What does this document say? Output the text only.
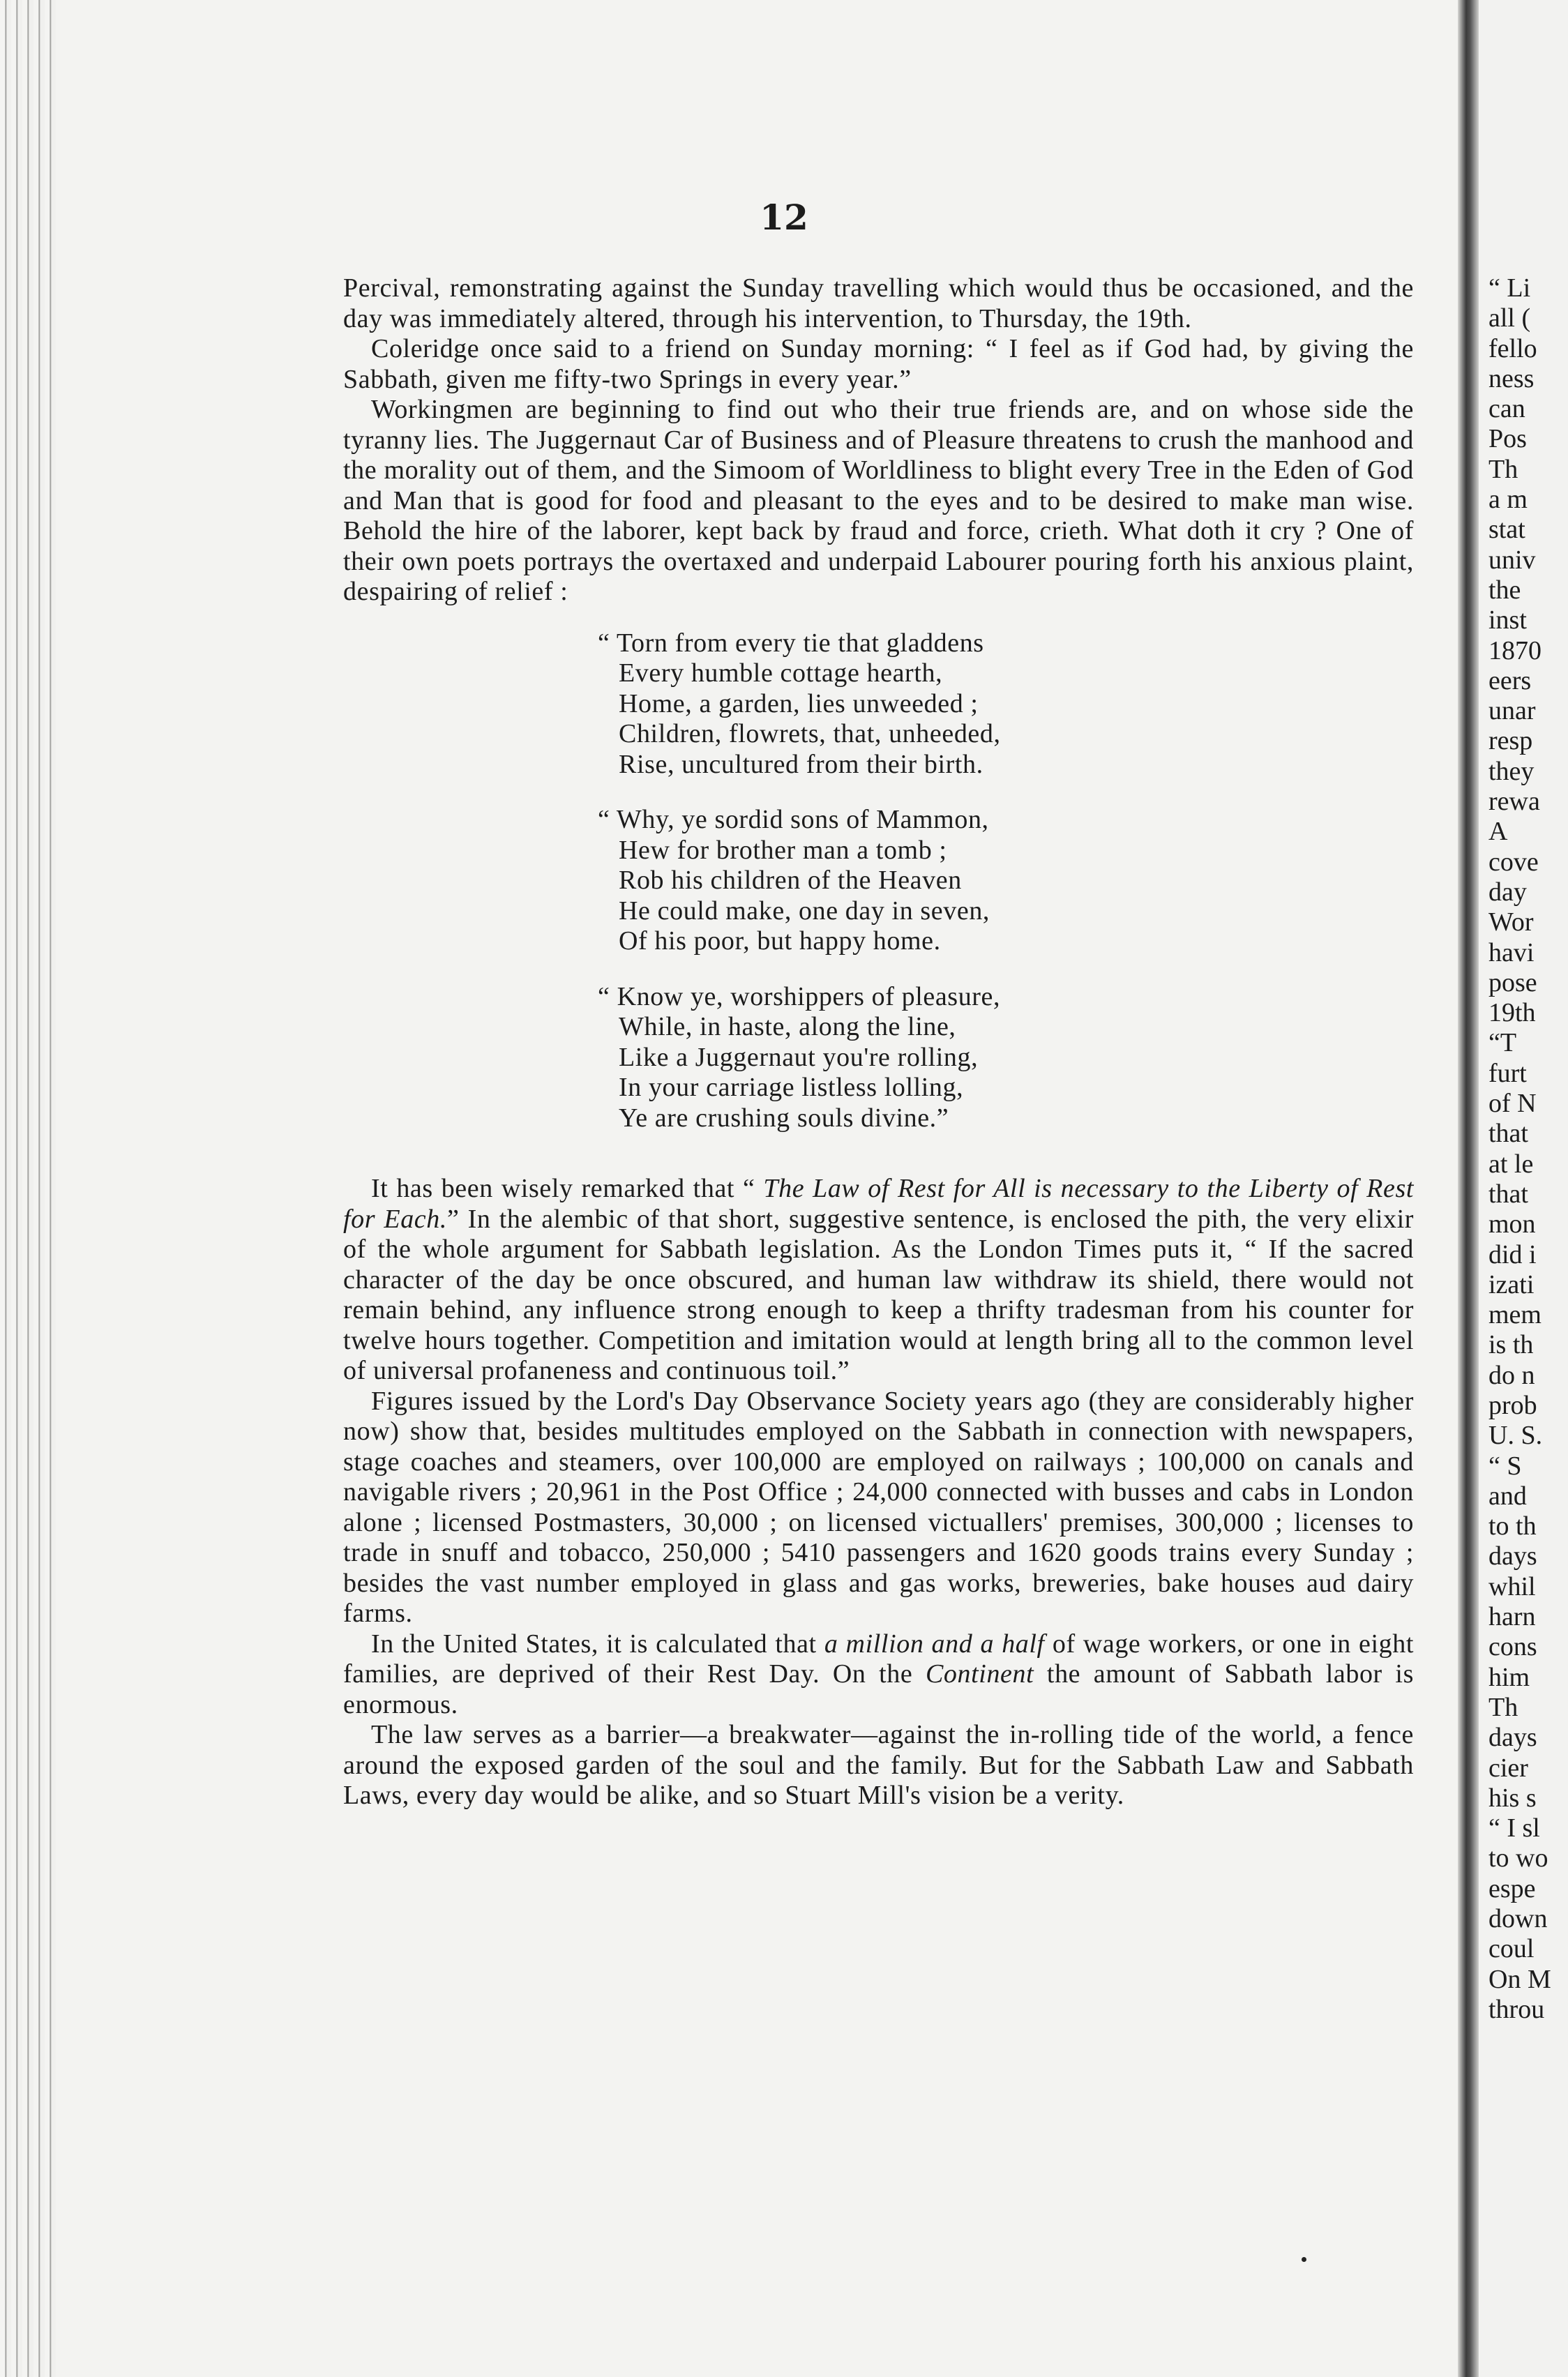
“ Li
all (
fello
ness
can
Pos
Th
a m
stat
univ
the
inst
1870
eers
unar
resp
they
rewa
A
cove
day
Wor
havi
pose
19th
“T
furt
of N
that
at le
that
mon
did i
izati
mem
is th
do n
prob
U. S.
“ S
and
to th
days
whil
harn
cons
him
Th
days
cier
his s
“ I sl
to wo
espe
down
coul
On M
throu
12

Percival, remonstrating against the Sunday travelling which would thus be occasioned, and the day was immediately altered, through his intervention, to Thursday, the 19th.

Coleridge once said to a friend on Sunday morning: “ I feel as if God had, by giving the Sabbath, given me fifty-two Springs in every year.”

Workingmen are beginning to find out who their true friends are, and on whose side the tyranny lies. The Juggernaut Car of Business and of Pleasure threatens to crush the manhood and the morality out of them, and the Simoom of Worldliness to blight every Tree in the Eden of God and Man that is good for food and pleasant to the eyes and to be desired to make man wise. Behold the hire of the laborer, kept back by fraud and force, crieth. What doth it cry ? One of their own poets portrays the overtaxed and underpaid Labourer pouring forth his anxious plaint, despairing of relief :

“ Torn from every tie that gladdens
Every humble cottage hearth,
Home, a garden, lies unweeded ;
Children, flowrets, that, unheeded,
Rise, uncultured from their birth.
“ Why, ye sordid sons of Mammon,
Hew for brother man a tomb ;
Rob his children of the Heaven
He could make, one day in seven,
Of his poor, but happy home.
“ Know ye, worshippers of pleasure,
While, in haste, along the line,
Like a Juggernaut you're rolling,
In your carriage listless lolling,
Ye are crushing souls divine.”

It has been wisely remarked that “ The Law of Rest for All is necessary to the Liberty of Rest for Each.” In the alembic of that short, suggestive sentence, is enclosed the pith, the very elixir of the whole argument for Sabbath legislation. As the London Times puts it, “ If the sacred character of the day be once obscured, and human law withdraw its shield, there would not remain behind, any influence strong enough to keep a thrifty tradesman from his counter for twelve hours together. Competition and imitation would at length bring all to the common level of universal profaneness and continuous toil.”

Figures issued by the Lord's Day Observance Society years ago (they are considerably higher now) show that, besides multitudes employed on the Sabbath in connection with newspapers, stage coaches and steamers, over 100,000 are employed on railways ; 100,000 on canals and navigable rivers ; 20,961 in the Post Office ; 24,000 connected with busses and cabs in London alone ; licensed Postmasters, 30,000 ; on licensed victuallers' premises, 300,000 ; licenses to trade in snuff and tobacco, 250,000 ; 5410 passengers and 1620 goods trains every Sunday ; besides the vast number employed in glass and gas works, breweries, bake houses aud dairy farms.

In the United States, it is calculated that a million and a half of wage workers, or one in eight families, are deprived of their Rest Day. On the Continent the amount of Sabbath labor is enormous.

The law serves as a barrier—a breakwater—against the in-rolling tide of the world, a fence around the exposed garden of the soul and the family. But for the Sabbath Law and Sabbath Laws, every day would be alike, and so Stuart Mill's vision be a verity.
